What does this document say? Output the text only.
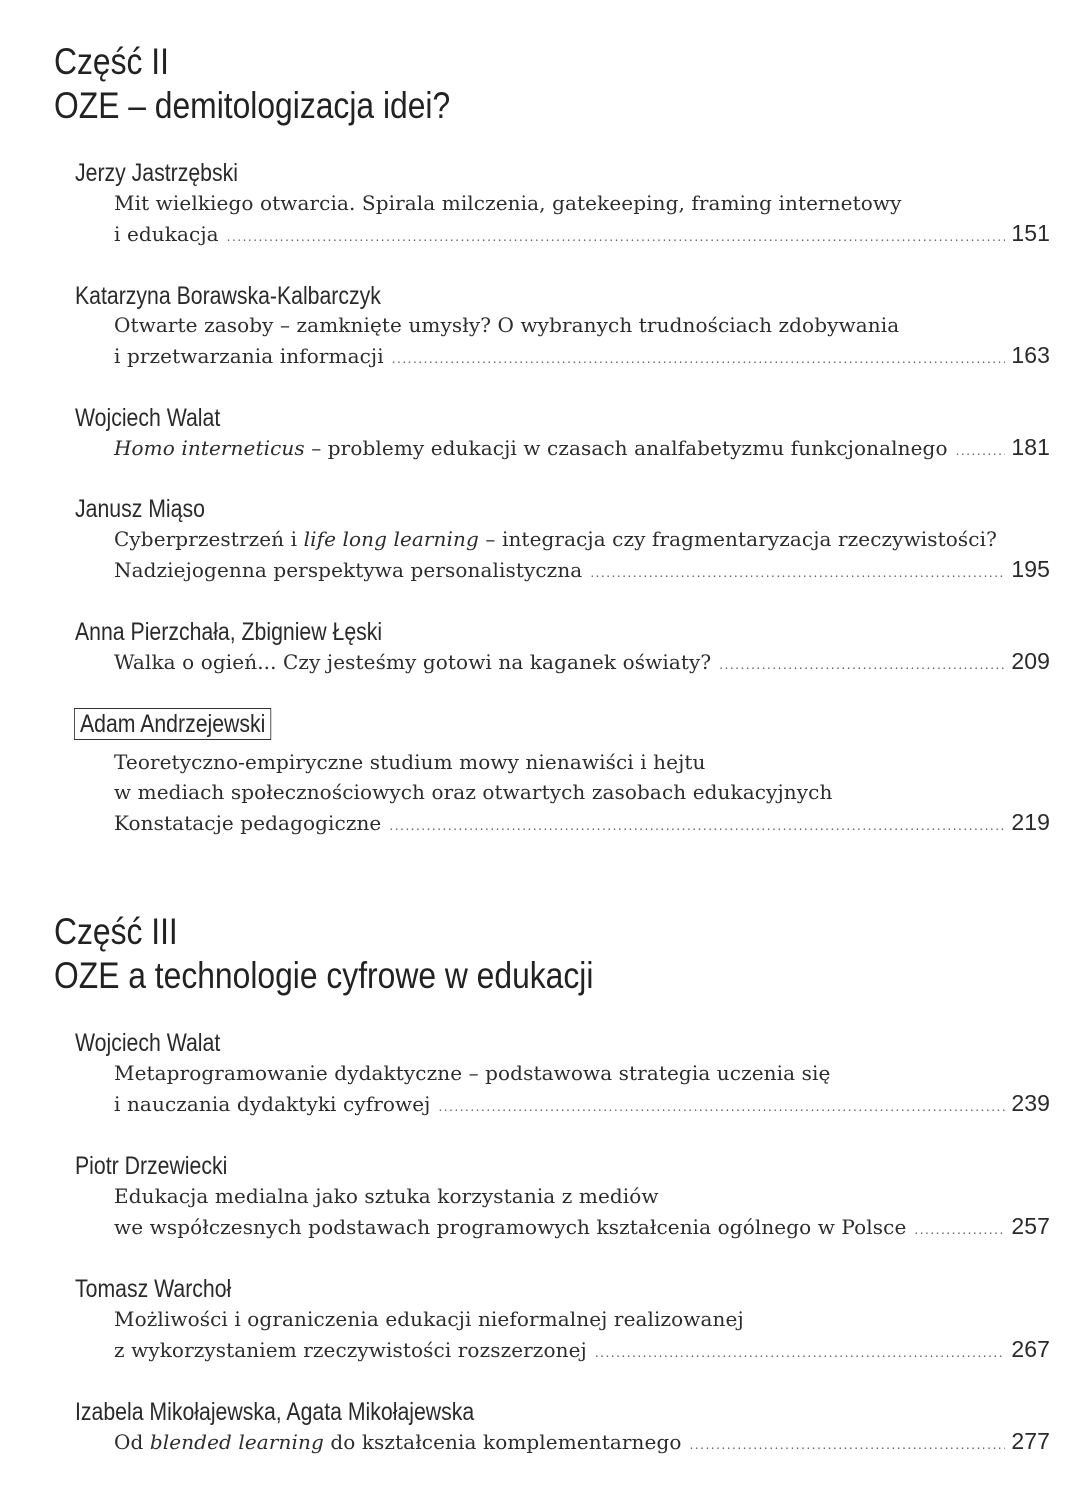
Część II
OZE – demitologizacja idei?
Jerzy Jastrzębski
Mit wielkiego otwarcia. Spirala milczenia, gatekeeping, framing internetowy
i edukacja .....	151
Katarzyna Borawska-Kalbarczyk
Otwarte zasoby – zamknięte umysły? O wybranych trudnościach zdobywania
i przetwarzania informacji .....	163
Wojciech Walat
Homo interneticus – problemy edukacji w czasach analfabetyzmu funkcjonalnego .....	181
Janusz Miąso
Cyberprzestrzeń i life long learning – integracja czy fragmentaryzacja rzeczywistości?
Nadziejogenna perspektywa personalistyczna .....	195
Anna Pierzchała, Zbigniew Łęski
Walka o ogień... Czy jesteśmy gotowi na kaganek oświaty? .....	209
Adam Andrzejewski
Teoretyczno-empiryczne studium mowy nienawiści i hejtu
w mediach społecznościowych oraz otwartych zasobach edukacyjnych
Konstatacje pedagogiczne .....	219
Część III
OZE a technologie cyfrowe w edukacji
Wojciech Walat
Metaprogramowanie dydaktyczne – podstawowa strategia uczenia się
i nauczania dydaktyki cyfrowej .....	239
Piotr Drzewiecki
Edukacja medialna jako sztuka korzystania z mediów
we współczesnych podstawach programowych kształcenia ogólnego w Polsce .....	257
Tomasz Warchoł
Możliwości i ograniczenia edukacji nieformalnej realizowanej
z wykorzystaniem rzeczywistości rozszerzonej .....	267
Izabela Mikołajewska, Agata Mikołajewska
Od blended learning do kształcenia komplementarnego .....	277
